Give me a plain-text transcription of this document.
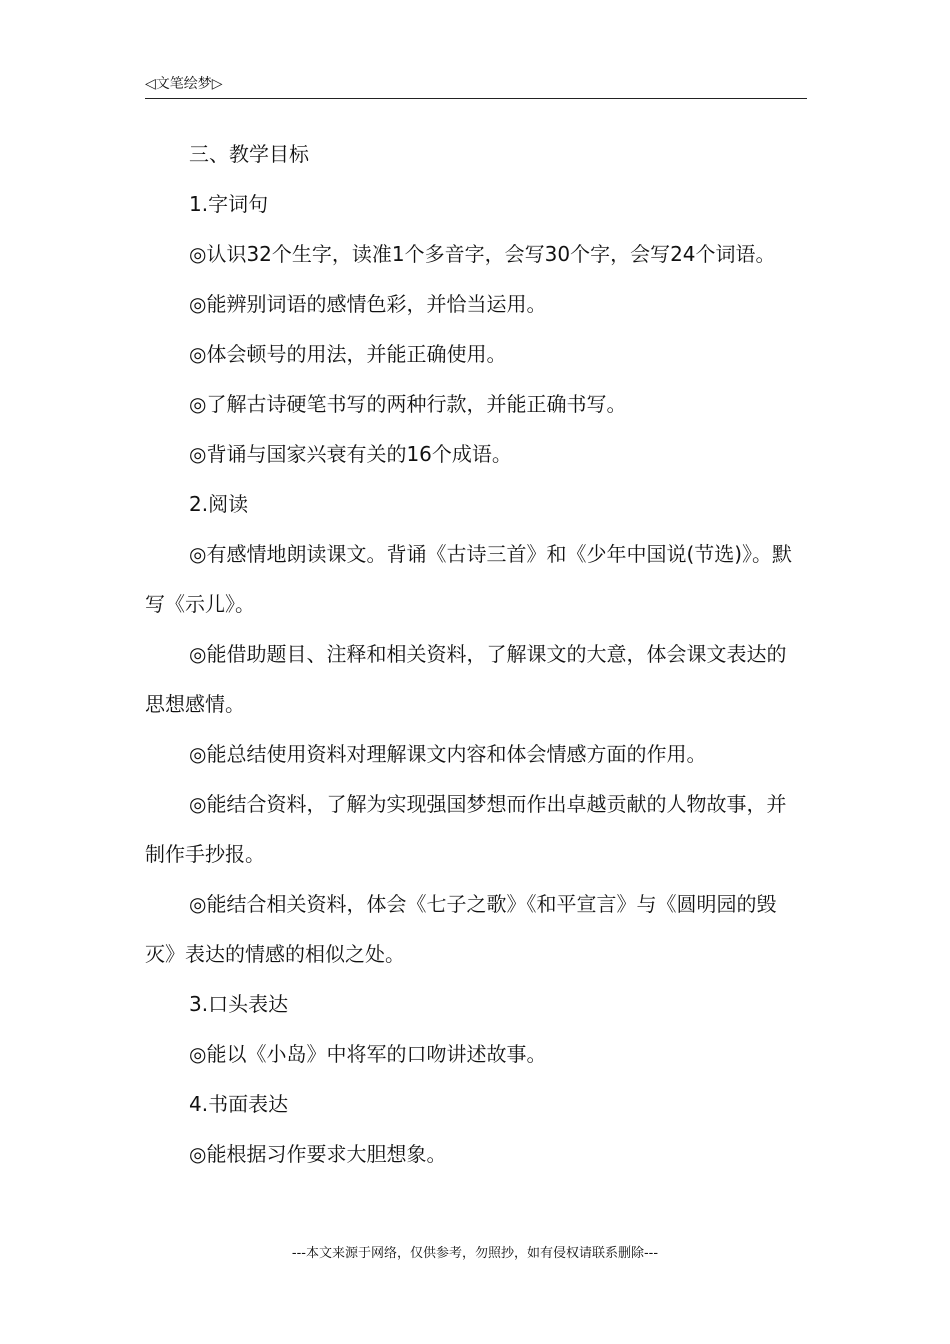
◁文笔绘梦▷

三、教学目标

1.字词句

◎认识32个生字，读准1个多音字，会写30个字，会写24个词语。

◎能辨别词语的感情色彩，并恰当运用。

◎体会顿号的用法，并能正确使用。

◎了解古诗硬笔书写的两种行款，并能正确书写。

◎背诵与国家兴衰有关的16个成语。

2.阅读

◎有感情地朗读课文。背诵《古诗三首》和《少年中国说(节选)》。默写《示儿》。

◎能借助题目、注释和相关资料，了解课文的大意，体会课文表达的思想感情。

◎能总结使用资料对理解课文内容和体会情感方面的作用。

◎能结合资料，了解为实现强国梦想而作出卓越贡献的人物故事，并制作手抄报。

◎能结合相关资料，体会《七子之歌》《和平宣言》与《圆明园的毁灭》表达的情感的相似之处。

3.口头表达

◎能以《小岛》中将军的口吻讲述故事。

4.书面表达

◎能根据习作要求大胆想象。

---本文来源于网络，仅供参考，勿照抄，如有侵权请联系删除---
